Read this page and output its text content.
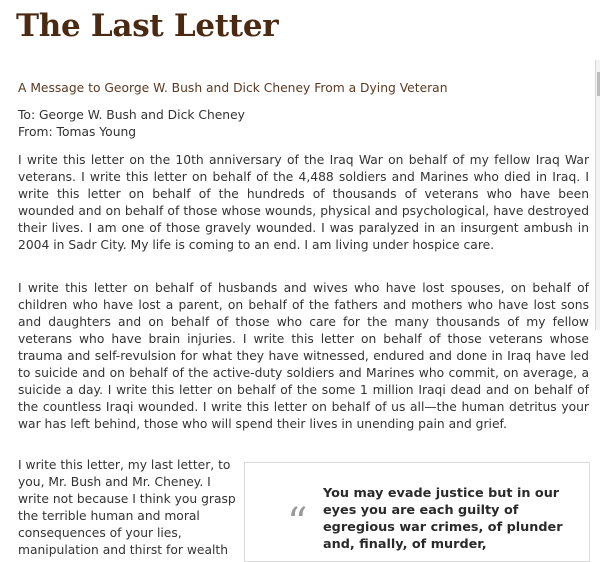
The Last Letter

A Message to George W. Bush and Dick Cheney From a Dying Veteran

To: George W. Bush and Dick Cheney

From: Tomas Young

I write this letter on the 10th anniversary of the Iraq War on behalf of my fellow Iraq War veterans. I write this letter on behalf of the 4,488 soldiers and Marines who died in Iraq. I write this letter on behalf of the hundreds of thousands of veterans who have been wounded and on behalf of those whose wounds, physical and psychological, have destroyed their lives. I am one of those gravely wounded. I was paralyzed in an insurgent ambush in 2004 in Sadr City. My life is coming to an end. I am living under hospice care.

I write this letter on behalf of husbands and wives who have lost spouses, on behalf of children who have lost a parent, on behalf of the fathers and mothers who have lost sons and daughters and on behalf of those who care for the many thousands of my fellow veterans who have brain injuries. I write this letter on behalf of those veterans whose trauma and self-revulsion for what they have witnessed, endured and done in Iraq have led to suicide and on behalf of the active-duty soldiers and Marines who commit, on average, a suicide a day. I write this letter on behalf of the some 1 million Iraqi dead and on behalf of the countless Iraqi wounded. I write this letter on behalf of us all—the human detritus your war has left behind, those who will spend their lives in unending pain and grief.

I write this letter, my last letter, to you, Mr. Bush and Mr. Cheney. I write not because I think you grasp the terrible human and moral consequences of your lies, manipulation and thirst for wealth

“

You may evade justice but in our eyes you are each guilty of egregious war crimes, of plunder and, finally, of murder,
